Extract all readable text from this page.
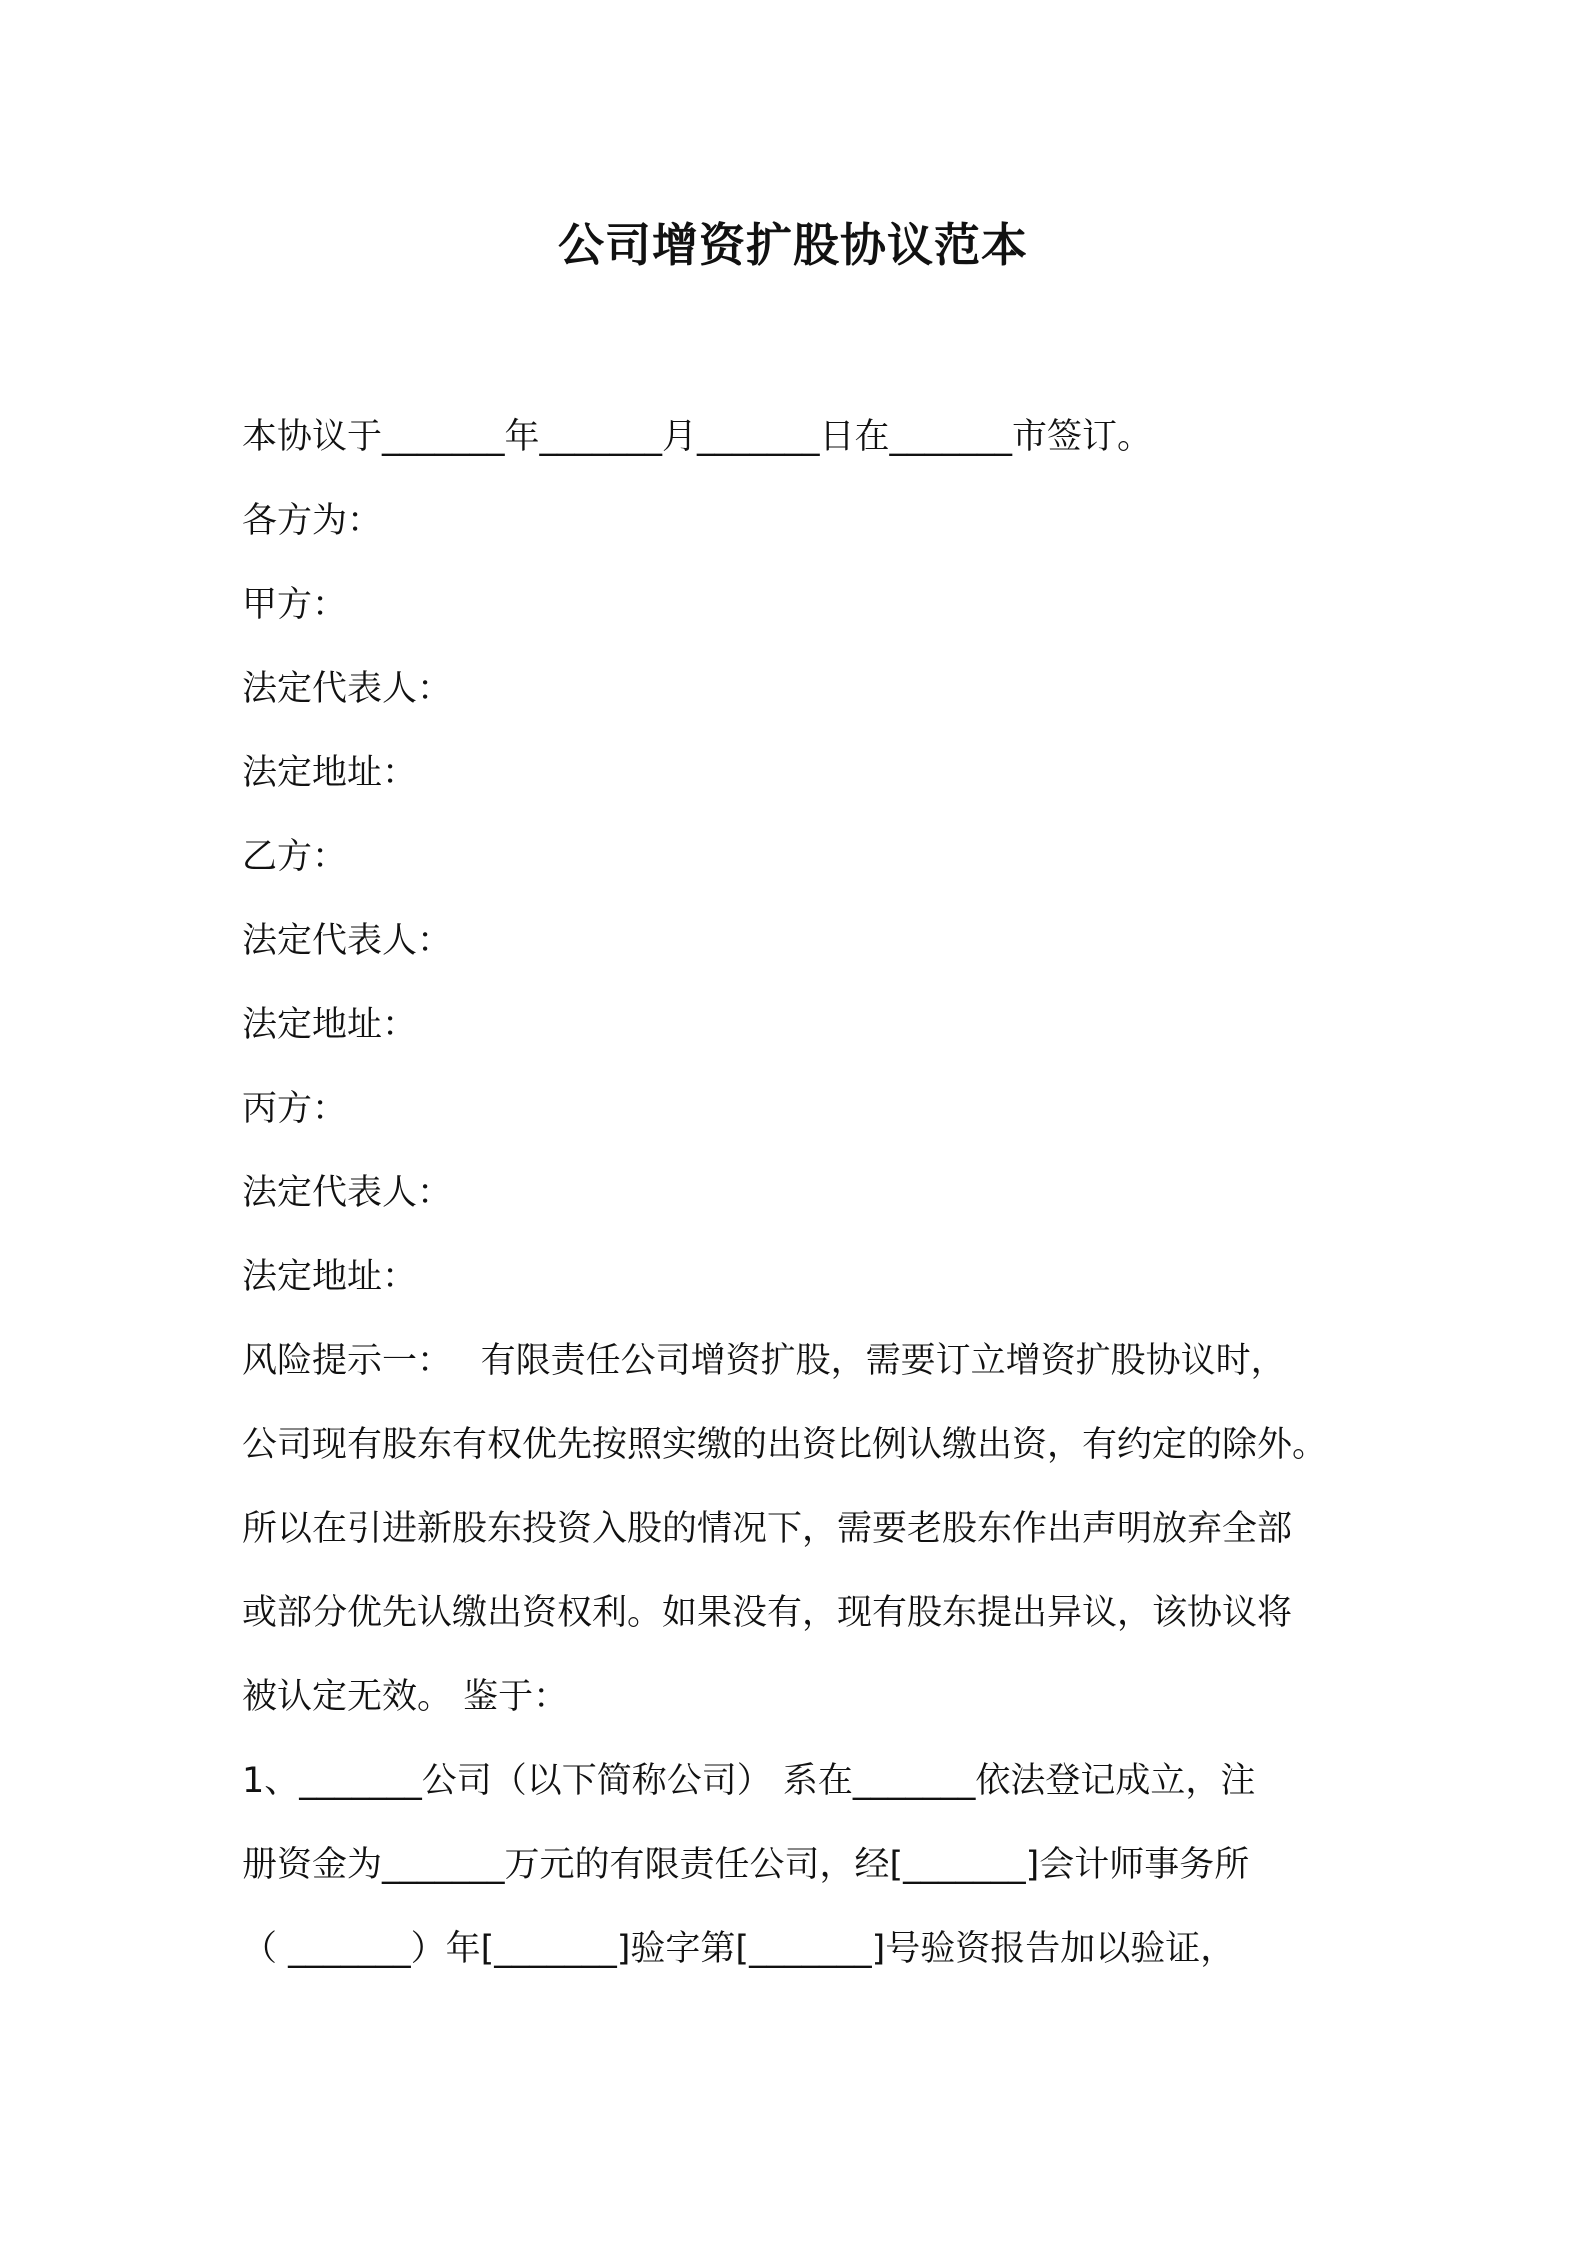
公司增资扩股协议范本
本协议于_______年_______月_______日在_______市签订。
各方为：
甲方：
法定代表人：
法定地址：
乙方：
法定代表人：
法定地址：
丙方：
法定代表人：
法定地址：
风险提示一：　 有限责任公司增资扩股，需要订立增资扩股协议时，
公司现有股东有权优先按照实缴的出资比例认缴出资，有约定的除外。
所以在引进新股东投资入股的情况下，需要老股东作出声明放弃全部
或部分优先认缴出资权利。如果没有，现有股东提出异议，该协议将
被认定无效。 鉴于：
1、_______公司（以下简称公司） 系在_______依法登记成立，注
册资金为_______万元的有限责任公司，经[_______]会计师事务所
（ _______）年[_______]验字第[_______]号验资报告加以验证，
